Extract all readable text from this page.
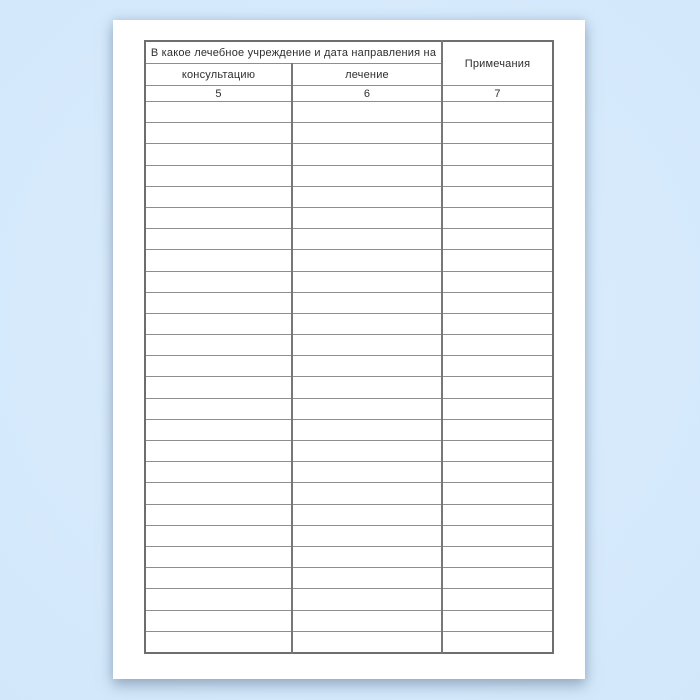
В какое лечебное учреждение и дата направления на		Примечания
консультацию	лечение	
5	6	7
